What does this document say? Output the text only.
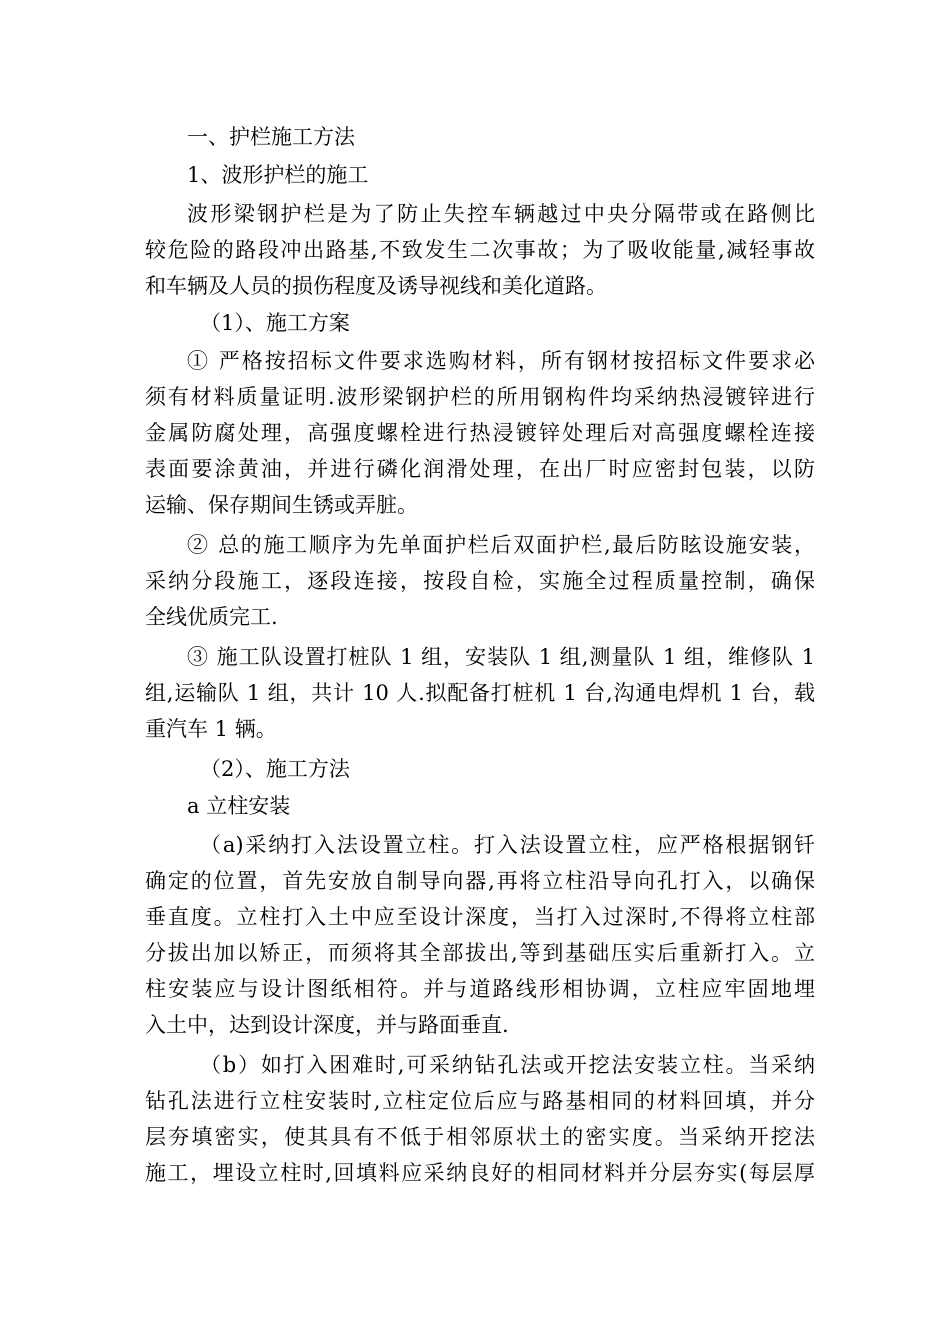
一、护栏施工方法
1、波形护栏的施工
波形梁钢护栏是为了防止失控车辆越过中央分隔带或在路侧比
较危险的路段冲出路基,不致发生二次事故；为了吸收能量,减轻事故
和车辆及人员的损伤程度及诱导视线和美化道路。
（1）、施工方案
① 严格按招标文件要求选购材料，所有钢材按招标文件要求必
须有材料质量证明.波形梁钢护栏的所用钢构件均采纳热浸镀锌进行
金属防腐处理，高强度螺栓进行热浸镀锌处理后对高强度螺栓连接
表面要涂黄油，并进行磷化润滑处理，在出厂时应密封包装，以防
运输、保存期间生锈或弄脏。
② 总的施工顺序为先单面护栏后双面护栏,最后防眩设施安装，
采纳分段施工，逐段连接，按段自检，实施全过程质量控制，确保
全线优质完工.
③ 施工队设置打桩队 1 组，安装队 1 组,测量队 1 组，维修队 1
组,运输队 1 组，共计 10 人.拟配备打桩机 1 台,沟通电焊机 1 台，载
重汽车 1 辆。
（2）、施工方法
a 立柱安装
（a)采纳打入法设置立柱。打入法设置立柱，应严格根据钢钎
确定的位置，首先安放自制导向器,再将立柱沿导向孔打入，以确保
垂直度。立柱打入土中应至设计深度，当打入过深时,不得将立柱部
分拔出加以矫正，而须将其全部拔出,等到基础压实后重新打入。立
柱安装应与设计图纸相符。并与道路线形相协调，立柱应牢固地埋
入土中，达到设计深度，并与路面垂直.
（b）如打入困难时,可采纳钻孔法或开挖法安装立柱。当采纳
钻孔法进行立柱安装时,立柱定位后应与路基相同的材料回填，并分
层夯填密实，使其具有不低于相邻原状土的密实度。当采纳开挖法
施工，埋设立柱时,回填料应采纳良好的相同材料并分层夯实(每层厚
